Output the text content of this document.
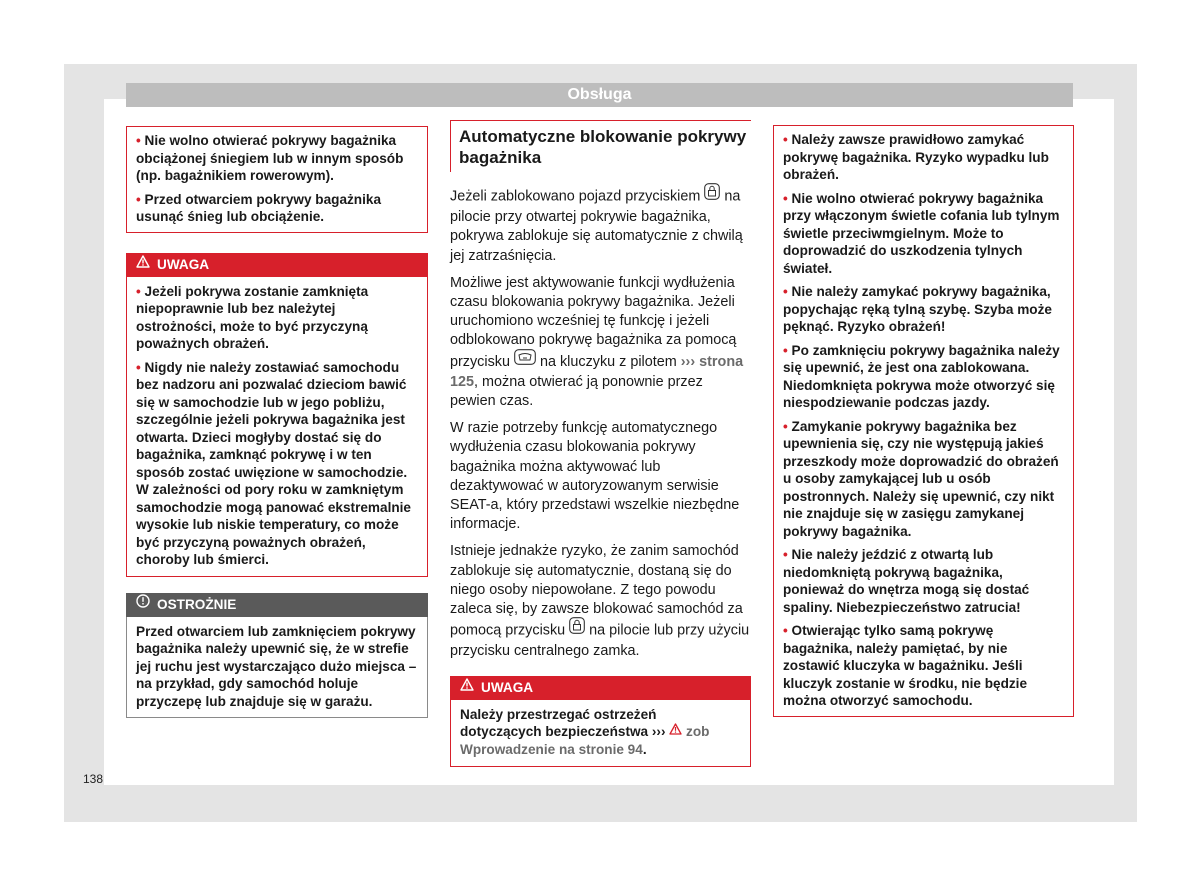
Obsługa

• Nie wolno otwierać pokrywy bagażnika obciążonej śniegiem lub w innym sposób (np. bagażnikiem rowerowym).

• Przed otwarciem pokrywy bagażnika usunąć śnieg lub obciążenie.

UWAGA

• Jeżeli pokrywa zostanie zamknięta niepoprawnie lub bez należytej ostrożności, może to być przyczyną poważnych obrażeń.

• Nigdy nie należy zostawiać samochodu bez nadzoru ani pozwalać dzieciom bawić się w samochodzie lub w jego pobliżu, szczególnie jeżeli pokrywa bagażnika jest otwarta. Dzieci mogłyby dostać się do bagażnika, zamknąć pokrywę i w ten sposób zostać uwięzione w samochodzie. W zależności od pory roku w zamkniętym samochodzie mogą panować ekstremalnie wysokie lub niskie temperatury, co może być przyczyną poważnych obrażeń, choroby lub śmierci.

OSTROŻNIE
Przed otwarciem lub zamknięciem pokrywy bagażnika należy upewnić się, że w strefie jej ruchu jest wystarczająco dużo miejsca – na przykład, gdy samochód holuje przyczepę lub znajduje się w garażu.
Automatyczne blokowanie pokrywy bagażnika

Jeżeli zablokowano pojazd przyciskiem na pilocie przy otwartej pokrywie bagażnika, pokrywa zablokuje się automatycznie z chwilą jej zatrzaśnięcia.

Możliwe jest aktywowanie funkcji wydłużenia czasu blokowania pokrywy bagażnika. Jeżeli uruchomiono wcześniej tę funkcję i jeżeli odblokowano pokrywę bagażnika za pomocą przycisku na kluczyku z pilotem ››› strona 125, można otwierać ją ponownie przez pewien czas.

W razie potrzeby funkcję automatycznego wydłużenia czasu blokowania pokrywy bagażnika można aktywować lub dezaktywować w autoryzowanym serwisie SEAT-a, który przedstawi wszelkie niezbędne informacje.

Istnieje jednakże ryzyko, że zanim samochód zablokuje się automatycznie, dostaną się do niego osoby niepowołane. Z tego powodu zaleca się, by zawsze blokować samochód za pomocą przycisku na pilocie lub przy użyciu przycisku centralnego zamka.

UWAGA
Należy przestrzegać ostrzeżeń dotyczących bezpieczeństwa ››› zob Wprowadzenie na stronie 94.

• Należy zawsze prawidłowo zamykać pokrywę bagażnika. Ryzyko wypadku lub obrażeń.

• Nie wolno otwierać pokrywy bagażnika przy włączonym świetle cofania lub tylnym świetle przeciwmgielnym. Może to doprowadzić do uszkodzenia tylnych świateł.

• Nie należy zamykać pokrywy bagażnika, popychając ręką tylną szybę. Szyba może pęknąć. Ryzyko obrażeń!

• Po zamknięciu pokrywy bagażnika należy się upewnić, że jest ona zablokowana. Niedomknięta pokrywa może otworzyć się niespodziewanie podczas jazdy.

• Zamykanie pokrywy bagażnika bez upewnienia się, czy nie występują jakieś przeszkody może doprowadzić do obrażeń u osoby zamykającej lub u osób postronnych. Należy się upewnić, czy nikt nie znajduje się w zasięgu zamykanej pokrywy bagażnika.

• Nie należy jeździć z otwartą lub niedomkniętą pokrywą bagażnika, ponieważ do wnętrza mogą się dostać spaliny. Niebezpieczeństwo zatrucia!

• Otwierając tylko samą pokrywę bagażnika, należy pamiętać, by nie zostawić kluczyka w bagażniku. Jeśli kluczyk zostanie w środku, nie będzie można otworzyć samochodu.

138
